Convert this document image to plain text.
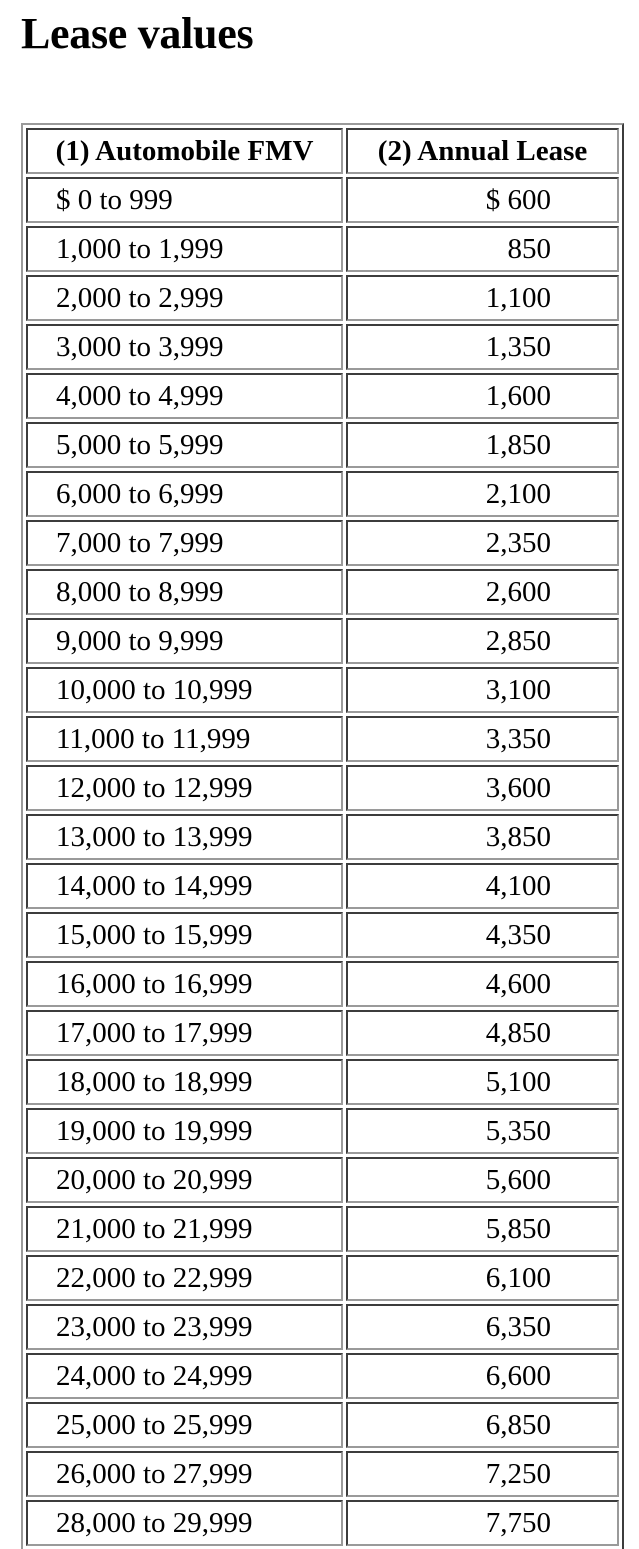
Lease values
(1) Automobile FMV	(2) Annual Lease
$ 0 to 999	$ 600
1,000 to 1,999	850
2,000 to 2,999	1,100
3,000 to 3,999	1,350
4,000 to 4,999	1,600
5,000 to 5,999	1,850
6,000 to 6,999	2,100
7,000 to 7,999	2,350
8,000 to 8,999	2,600
9,000 to 9,999	2,850
10,000 to 10,999	3,100
11,000 to 11,999	3,350
12,000 to 12,999	3,600
13,000 to 13,999	3,850
14,000 to 14,999	4,100
15,000 to 15,999	4,350
16,000 to 16,999	4,600
17,000 to 17,999	4,850
18,000 to 18,999	5,100
19,000 to 19,999	5,350
20,000 to 20,999	5,600
21,000 to 21,999	5,850
22,000 to 22,999	6,100
23,000 to 23,999	6,350
24,000 to 24,999	6,600
25,000 to 25,999	6,850
26,000 to 27,999	7,250
28,000 to 29,999	7,750
